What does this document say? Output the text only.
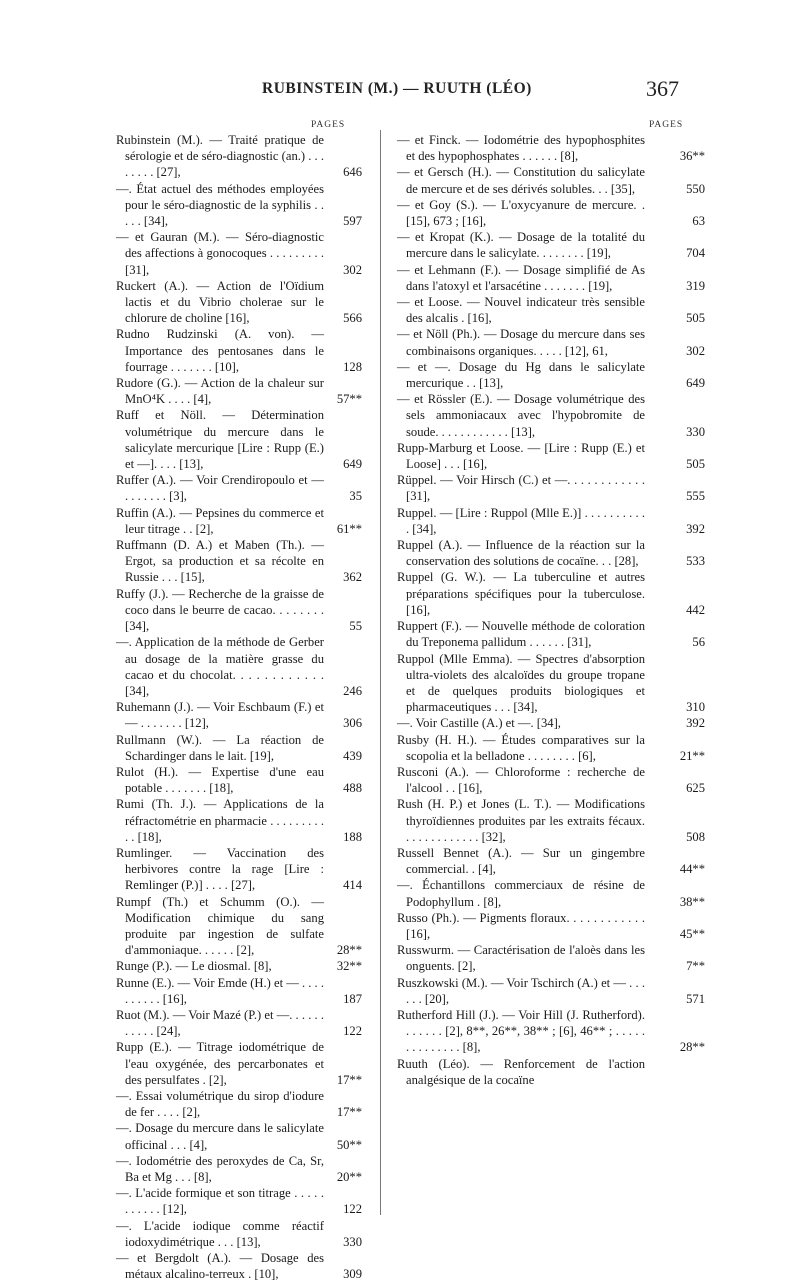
RUBINSTEIN (M.) — RUUTH (LÉO)	367
PAGES	PAGES
Rubinstein (M.). — Traité pratique de sérologie et de séro-diagnostic (an.) . . . . . . . . [27],	646
—. État actuel des méthodes employées pour le séro-diagnostic de la syphilis . . . . . [34],	597
— et Gauran (M.). — Séro-diagnostic des affections à gonocoques . . . . . . . . . [31],	302
Ruckert (A.). — Action de l'Oïdium lactis et du Vibrio cholerae sur le chlorure de choline [16],	566
Rudno Rudzinski (A. von). — Importance des pentosanes dans le fourrage . . . . . . . [10],	128
Rudore (G.). — Action de la chaleur sur MnO⁴K . . . . [4],	57**
Ruff et Nöll. — Détermination volumétrique du mercure dans le salicylate mercurique [Lire : Rupp (E.) et —]. . . . [13],	649
Ruffer (A.). — Voir Crendiropoulo et — . . . . . . . [3],	35
Ruffin (A.). — Pepsines du commerce et leur titrage . . [2],	61**
Ruffmann (D. A.) et Maben (Th.). — Ergot, sa production et sa récolte en Russie . . . [15],	362
Ruffy (J.). — Recherche de la graisse de coco dans le beurre de cacao. . . . . . . . [34],	55
—. Application de la méthode de Gerber au dosage de la matière grasse du cacao et du chocolat. . . . . . . . . . . . [34],	246
Ruhemann (J.). — Voir Eschbaum (F.) et — . . . . . . . [12],	306
Rullmann (W.). — La réaction de Schardinger dans le lait. [19],	439
Rulot (H.). — Expertise d'une eau potable . . . . . . . [18],	488
Rumi (Th. J.). — Applications de la réfractométrie en pharmacie . . . . . . . . . . . [18],	188
Rumlinger. — Vaccination des herbivores contre la rage [Lire : Remlinger (P.)] . . . . [27],	414
Rumpf (Th.) et Schumm (O.). — Modification chimique du sang produite par ingestion de sulfate d'ammoniaque. . . . . . [2],	28**
Runge (P.). — Le diosmal. [8],	32**
Runne (E.). — Voir Emde (H.) et — . . . . . . . . . . [16],	187
Ruot (M.). — Voir Mazé (P.) et —. . . . . . . . . . . [24],	122
Rupp (E.). — Titrage iodométrique de l'eau oxygénée, des percarbonates et des persulfates . [2],	17**
—. Essai volumétrique du sirop d'iodure de fer . . . . [2],	17**
—. Dosage du mercure dans le salicylate officinal . . . [4],	50**
—. Iodométrie des peroxydes de Ca, Sr, Ba et Mg . . . [8],	20**
—. L'acide formique et son titrage . . . . . . . . . . . [12],	122
—. L'acide iodique comme réactif iodoxydimétrique . . . [13],	330
— et Bergdolt (A.). — Dosage des métaux alcalino-terreux . [10],	309
— et Finck. — Iodométrie des hypophosphites et des hypophosphates . . . . . . [8],	36**
— et Gersch (H.). — Constitution du salicylate de mercure et de ses dérivés solubles. . . [35],	550
— et Goy (S.). — L'oxycyanure de mercure. . [15], 673 ; [16],	63
— et Kropat (K.). — Dosage de la totalité du mercure dans le salicylate. . . . . . . . [19],	704
— et Lehmann (F.). — Dosage simplifié de As dans l'atoxyl et l'arsacétine . . . . . . . [19],	319
— et Loose. — Nouvel indicateur très sensible des alcalis . [16],	505
— et Nöll (Ph.). — Dosage du mercure dans ses combinaisons organiques. . . . . [12], 61,	302
— et —. Dosage du Hg dans le salicylate mercurique . . [13],	649
— et Rössler (E.). — Dosage volumétrique des sels ammoniacaux avec l'hypobromite de soude. . . . . . . . . . . . [13],	330
Rupp-Marburg et Loose. — [Lire : Rupp (E.) et Loose] . . . [16],	505
Rüppel. — Voir Hirsch (C.) et —. . . . . . . . . . . . [31],	555
Ruppel. — [Lire : Ruppol (Mlle E.)] . . . . . . . . . . . [34],	392
Ruppel (A.). — Influence de la réaction sur la conservation des solutions de cocaïne. . . [28],	533
Ruppel (G. W.). — La tuberculine et autres préparations spécifiques pour la tuberculose. [16],	442
Ruppert (F.). — Nouvelle méthode de coloration du Treponema pallidum . . . . . . [31],	56
Ruppol (Mlle Emma). — Spectres d'absorption ultra-violets des alcaloïdes du groupe tropane et de quelques produits biologiques et pharmaceutiques . . . [34],	310
—. Voir Castille (A.) et —. [34],	392
Rusby (H. H.). — Études comparatives sur la scopolia et la belladone . . . . . . . . [6],	21**
Rusconi (A.). — Chloroforme : recherche de l'alcool . . [16],	625
Rush (H. P.) et Jones (L. T.). — Modifications thyroïdiennes produites par les extraits fécaux. . . . . . . . . . . . . [32],	508
Russell Bennet (A.). — Sur un gingembre commercial. . [4],	44**
—. Échantillons commerciaux de résine de Podophyllum . [8],	38**
Russo (Ph.). — Pigments floraux. . . . . . . . . . . . [16],	45**
Russwurm. — Caractérisation de l'aloès dans les onguents. [2],	7**
Ruszkowski (M.). — Voir Tschirch (A.) et — . . . . . . [20],	571
Rutherford Hill (J.). — Voir Hill (J. Rutherford). . . . . . . [2], 8**, 26**, 38** ; [6], 46** ; . . . . . . . . . . . . . . [8],	28**
Ruuth (Léo). — Renforcement de l'action analgésique de la cocaïne
